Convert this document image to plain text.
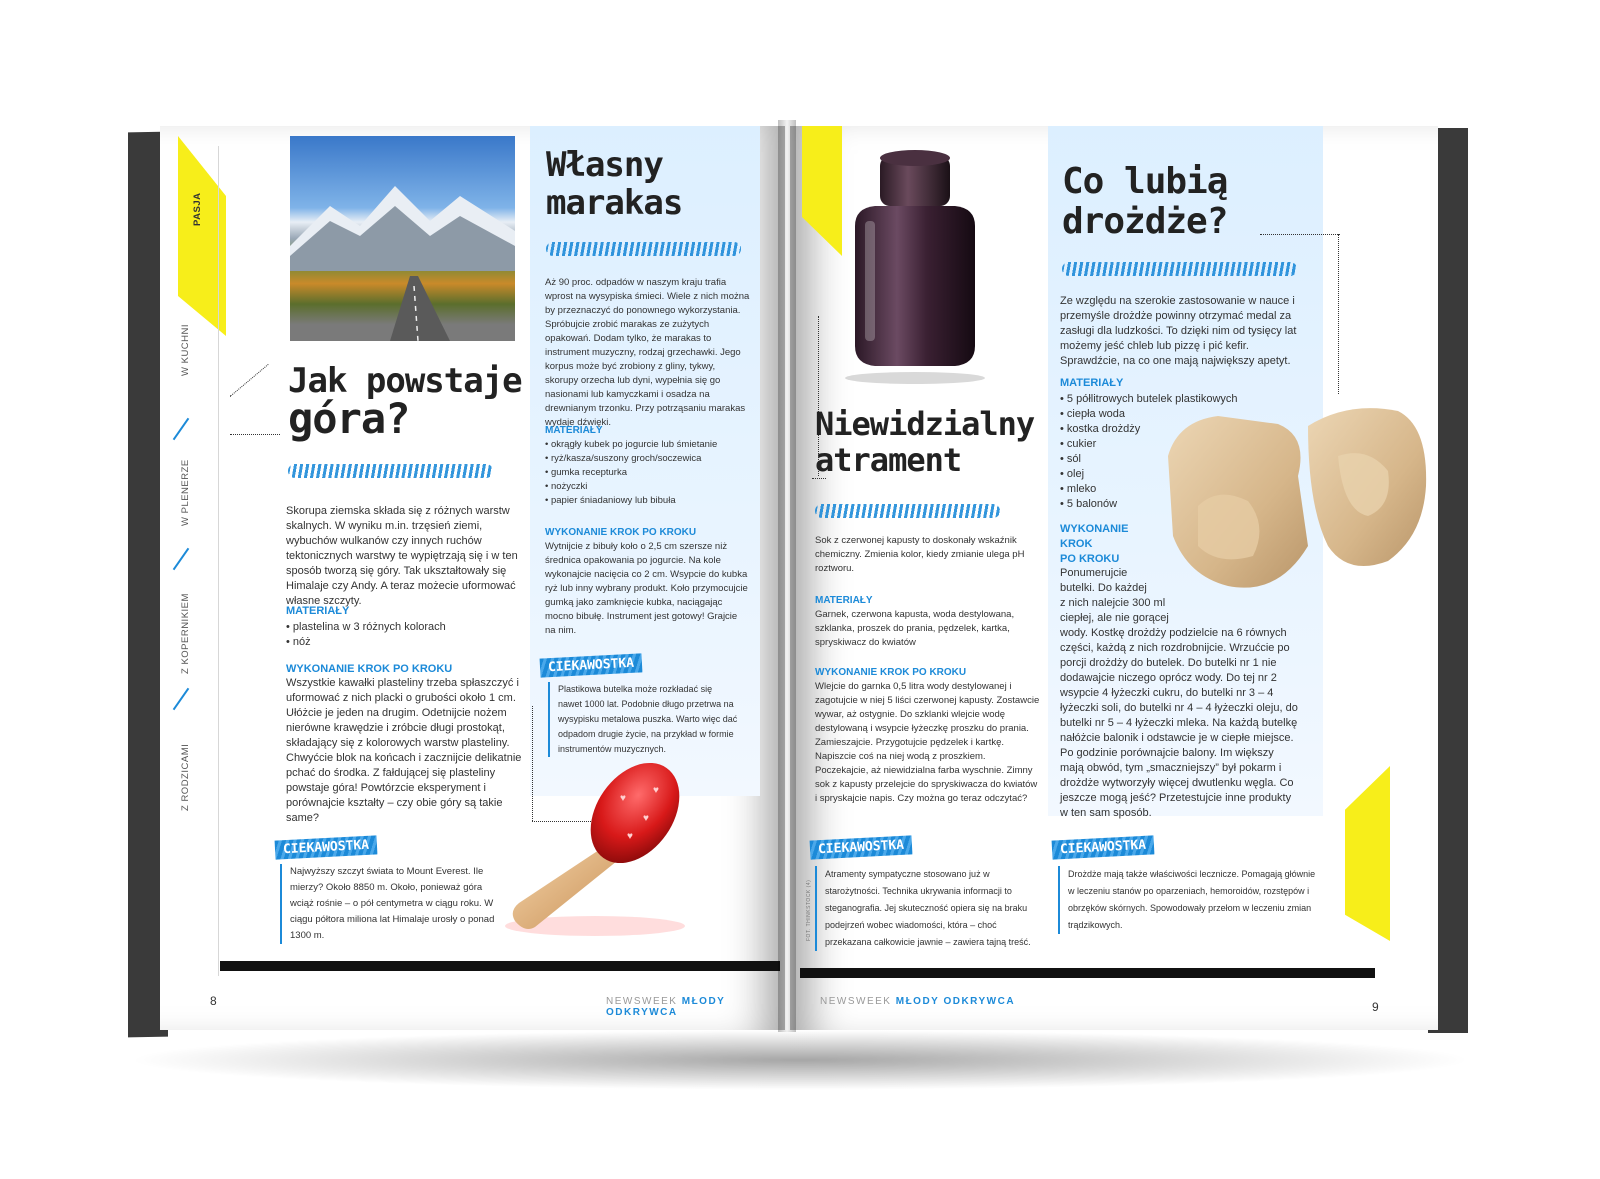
PASJA
W KUCHNI
W PLENERZE
Z KOPERNIKIEM
Z RODZICAMI
Jak powstaje
góra?
Skorupa ziemska składa się z różnych warstw skalnych. W wyniku m.in. trzęsień ziemi, wybuchów wulkanów czy innych ruchów tektonicznych warstwy te wypiętrzają się i w ten sposób tworzą się góry. Tak ukształtowały się Himalaje czy Andy. A teraz możecie uformować własne szczyty.
MATERIAŁY
• plastelina w 3 różnych kolorach
• nóż
WYKONANIE KROK PO KROKU
Wszystkie kawałki plasteliny trzeba spłaszczyć i uformować z nich placki o grubości około 1 cm. Ułóżcie je jeden na drugim. Odetnijcie nożem nierówne krawędzie i zróbcie długi prostokąt, składający się z kolorowych warstw plasteliny. Chwyćcie blok na końcach i zacznijcie delikatnie pchać do środka. Z fałdującej się plasteliny powstaje góra! Powtórzcie eksperyment i porównajcie kształty – czy obie góry są takie same?
CIEKAWOSTKA
Najwyższy szczyt świata to Mount Everest. Ile mierzy? Około 8850 m. Około, ponieważ góra wciąż rośnie – o pół centymetra w ciągu roku. W ciągu półtora miliona lat Himalaje urosły o ponad 1300 m.
Własny
marakas
Aż 90 proc. odpadów w naszym kraju trafia wprost na wysypiska śmieci. Wiele z nich można by przeznaczyć do ponownego wykorzystania. Spróbujcie zrobić marakas ze zużytych opakowań. Dodam tylko, że marakas to instrument muzyczny, rodzaj grzechawki. Jego korpus może być zrobiony z gliny, tykwy, skorupy orzecha lub dyni, wypełnia się go nasionami lub kamyczkami i osadza na drewnianym trzonku. Przy potrząsaniu marakas wydaje dźwięki.
MATERIAŁY
• okrągły kubek po jogurcie lub śmietanie
• ryż/kasza/suszony groch/soczewica
• gumka recepturka
• nożyczki
• papier śniadaniowy lub bibuła
WYKONANIE KROK PO KROKU
Wytnijcie z bibuły koło o 2,5 cm szersze niż średnica opakowania po jogurcie. Na kole wykonajcie nacięcia co 2 cm. Wsypcie do kubka ryż lub inny wybrany produkt. Koło przymocujcie gumką jako zamknięcie kubka, naciągając mocno bibułę. Instrument jest gotowy! Grajcie na nim.
CIEKAWOSTKA
Plastikowa butelka może rozkładać się nawet 1000 lat. Podobnie długo przetrwa na wysypisku metalowa puszka. Warto więc dać odpadom drugie życie, na przykład w formie instrumentów muzycznych.
♥
♥
♥
♥
8	NEWSWEEK MŁODY ODKRYWCA
Niewidzialny
atrament
Sok z czerwonej kapusty to doskonały wskaźnik chemiczny. Zmienia kolor, kiedy zmianie ulega pH roztworu.
MATERIAŁY
Garnek, czerwona kapusta, woda destylowana, szklanka, proszek do prania, pędzelek, kartka, spryskiwacz do kwiatów
WYKONANIE KROK PO KROKU
Wlejcie do garnka 0,5 litra wody destylowanej i zagotujcie w niej 5 liści czerwonej kapusty. Zostawcie wywar, aż ostygnie. Do szklanki wlejcie wodę destylowaną i wsypcie łyżeczkę proszku do prania. Zamieszajcie. Przygotujcie pędzelek i kartkę. Napiszcie coś na niej wodą z proszkiem. Poczekajcie, aż niewidzialna farba wyschnie. Zimny sok z kapusty przelejcie do spryskiwacza do kwiatów i spryskajcie napis. Czy można go teraz odczytać?
CIEKAWOSTKA
Atramenty sympatyczne stosowano już w starożytności. Technika ukrywania informacji to steganografia. Jej skuteczność opiera się na braku podejrzeń wobec wiadomości, która – choć przekazana całkowicie jawnie – zawiera tajną treść.
FOT. THINKSTOCK (4)
Co lubią
drożdże?
Ze względu na szerokie zastosowanie w nauce i przemyśle drożdże powinny otrzymać medal za zasługi dla ludzkości. To dzięki nim od tysięcy lat możemy jeść chleb lub pizzę i pić kefir. Sprawdźcie, na co one mają największy apetyt.
MATERIAŁY
• 5 półlitrowych butelek plastikowych
• ciepła woda
• kostka drożdży
• cukier
• sól
• olej
• mleko
• 5 balonów
WYKONANIE
KROK
PO KROKU
Ponumerujcie
butelki. Do każdej
z nich nalejcie 300 ml
ciepłej, ale nie gorącej
wody. Kostkę drożdży podzielcie na 6 równych części, każdą z nich rozdrobnijcie. Wrzućcie po porcji drożdży do butelek. Do butelki nr 1 nie dodawajcie niczego oprócz wody. Do tej nr 2 wsypcie 4 łyżeczki cukru, do butelki nr 3 – 4 łyżeczki soli, do butelki nr 4 – 4 łyżeczki oleju, do butelki nr 5 – 4 łyżeczki mleka. Na każdą butelkę nałóżcie balonik i odstawcie je w ciepłe miejsce. Po godzinie porównajcie balony. Im większy mają obwód, tym „smaczniejszy” był pokarm i drożdże wytworzyły więcej dwutlenku węgla. Co jeszcze mogą jeść? Przetestujcie inne produkty w ten sam sposób.
CIEKAWOSTKA
Drożdże mają także właściwości lecznicze. Pomagają głównie w leczeniu stanów po oparzeniach, hemoroidów, rozstępów i obrzęków skórnych. Spowodowały przełom w leczeniu zmian trądzikowych.
NEWSWEEK MŁODY ODKRYWCA	9
